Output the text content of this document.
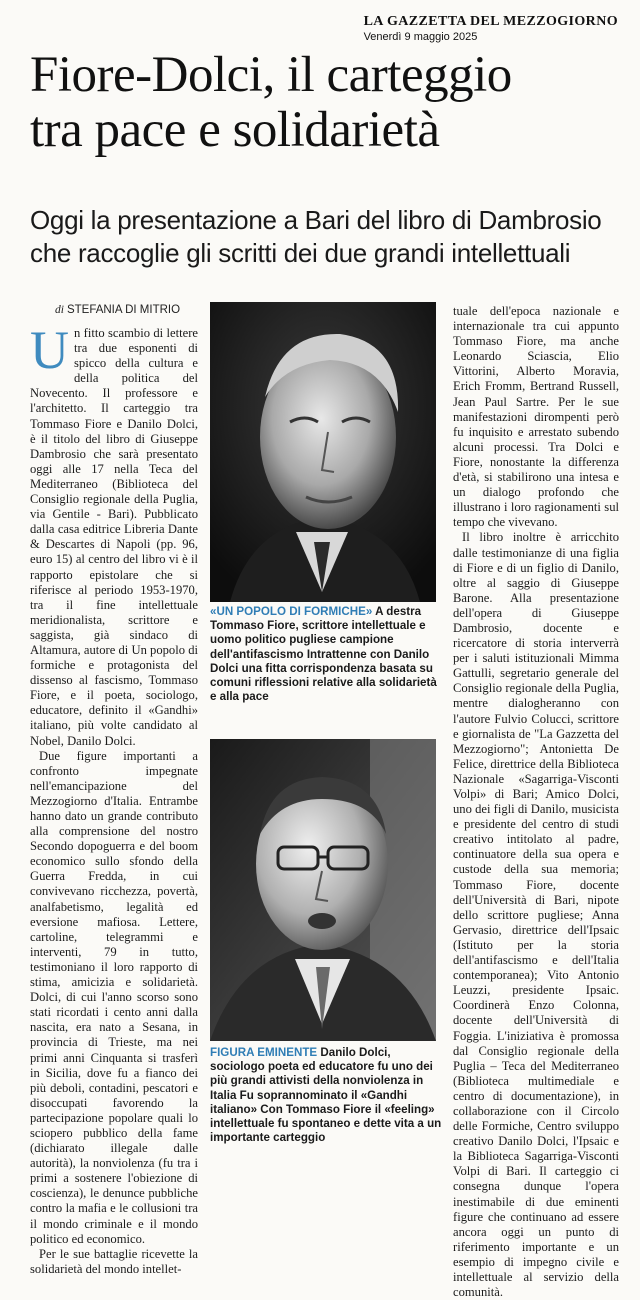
LA GAZZETTA DEL MEZZOGIORNO
Venerdì 9 maggio 2025
Fiore-Dolci, il carteggio
tra pace e solidarietà
Oggi la presentazione a Bari del libro di Dambrosio
che raccoglie gli scritti dei due grandi intellettuali
di STEFANIA DI MITRIO
U n fitto scambio di lettere tra due esponenti di spicco della cultura e della politica del Novecento. Il professore e l'architetto. Il carteggio tra Tommaso Fiore e Danilo Dolci, è il titolo del libro di Giuseppe Dambrosio che sarà presentato oggi alle 17 nella Teca del Mediterraneo (Biblioteca del Consiglio regionale della Puglia, via Gentile - Bari). Pubblicato dalla casa editrice Libreria Dante & Descartes di Napoli (pp. 96, euro 15) al centro del libro vi è il rapporto epistolare che si riferisce al periodo 1953-1970, tra il fine intellettuale meridionalista, scrittore e saggista, già sindaco di Altamura, autore di Un popolo di formiche e protagonista del dissenso al fascismo, Tommaso Fiore, e il poeta, sociologo, educatore, definito il «Gandhi» italiano, più volte candidato al Nobel, Danilo Dolci.

Due figure importanti a confronto impegnate nell'emancipazione del Mezzogiorno d'Italia. Entrambe hanno dato un grande contributo alla comprensione del nostro Secondo dopoguerra e del boom economico sullo sfondo della Guerra Fredda, in cui convivevano ricchezza, povertà, analfabetismo, legalità ed eversione mafiosa. Lettere, cartoline, telegrammi e interventi, 79 in tutto, testimoniano il loro rapporto di stima, amicizia e solidarietà. Dolci, di cui l'anno scorso sono stati ricordati i cento anni dalla nascita, era nato a Sesana, in provincia di Trieste, ma nei primi anni Cinquanta si trasferì in Sicilia, dove fu a fianco dei più deboli, contadini, pescatori e disoccupati favorendo la partecipazione popolare quali lo sciopero pubblico della fame (dichiarato illegale dalle autorità), la nonviolenza (fu tra i primi a sostenere l'obiezione di coscienza), le denunce pubbliche contro la mafia e le collusioni tra il mondo criminale e il mondo politico ed economico.

Per le sue battaglie ricevette la solidarietà del mondo intellet-

«UN POPOLO DI FORMICHE» A destra Tommaso Fiore, scrittore intellettuale e uomo politico pugliese campione dell'antifascismo Intrattenne con Danilo Dolci una fitta corrispondenza basata su comuni riflessioni relative alla solidarietà e alla pace
FIGURA EMINENTE Danilo Dolci, sociologo poeta ed educatore fu uno dei più grandi attivisti della nonviolenza in Italia Fu soprannominato il «Gandhi italiano» Con Tommaso Fiore il «feeling» intellettuale fu spontaneo e dette vita a un importante carteggio

tuale dell'epoca nazionale e internazionale tra cui appunto Tommaso Fiore, ma anche Leonardo Sciascia, Elio Vittorini, Alberto Moravia, Erich Fromm, Bertrand Russell, Jean Paul Sartre. Per le sue manifestazioni dirompenti però fu inquisito e arrestato subendo alcuni processi. Tra Dolci e Fiore, nonostante la differenza d'età, si stabilirono una intesa e un dialogo profondo che illustrano i loro ragionamenti sul tempo che vivevano.

Il libro inoltre è arricchito dalle testimonianze di una figlia di Fiore e di un figlio di Danilo, oltre al saggio di Giuseppe Barone. Alla presentazione dell'opera di Giuseppe Dambrosio, docente e ricercatore di storia interverrà per i saluti istituzionali Mimma Gattulli, segretario generale del Consiglio regionale della Puglia, mentre dialogheranno con l'autore Fulvio Colucci, scrittore e giornalista de "La Gazzetta del Mezzogiorno"; Antonietta De Felice, direttrice della Biblioteca Nazionale «Sagarriga-Visconti Volpi» di Bari; Amico Dolci, uno dei figli di Danilo, musicista e presidente del centro di studi creativo intitolato al padre, continuatore della sua opera e custode della sua memoria; Tommaso Fiore, docente dell'Università di Bari, nipote dello scrittore pugliese; Anna Gervasio, direttrice dell'Ipsaic (Istituto per la storia dell'antifascismo e dell'Italia contemporanea); Vito Antonio Leuzzi, presidente Ipsaic. Coordinerà Enzo Colonna, docente dell'Università di Foggia. L'iniziativa è promossa dal Consiglio regionale della Puglia – Teca del Mediterraneo (Biblioteca multimediale e centro di documentazione), in collaborazione con il Circolo delle Formiche, Centro sviluppo creativo Danilo Dolci, l'Ipsaic e la Biblioteca Sagarriga-Visconti Volpi di Bari. Il carteggio ci consegna dunque l'opera inestimabile di due eminenti figure che continuano ad essere ancora oggi un punto di riferimento importante e un esempio di impegno civile e intellettuale al servizio della comunità.
